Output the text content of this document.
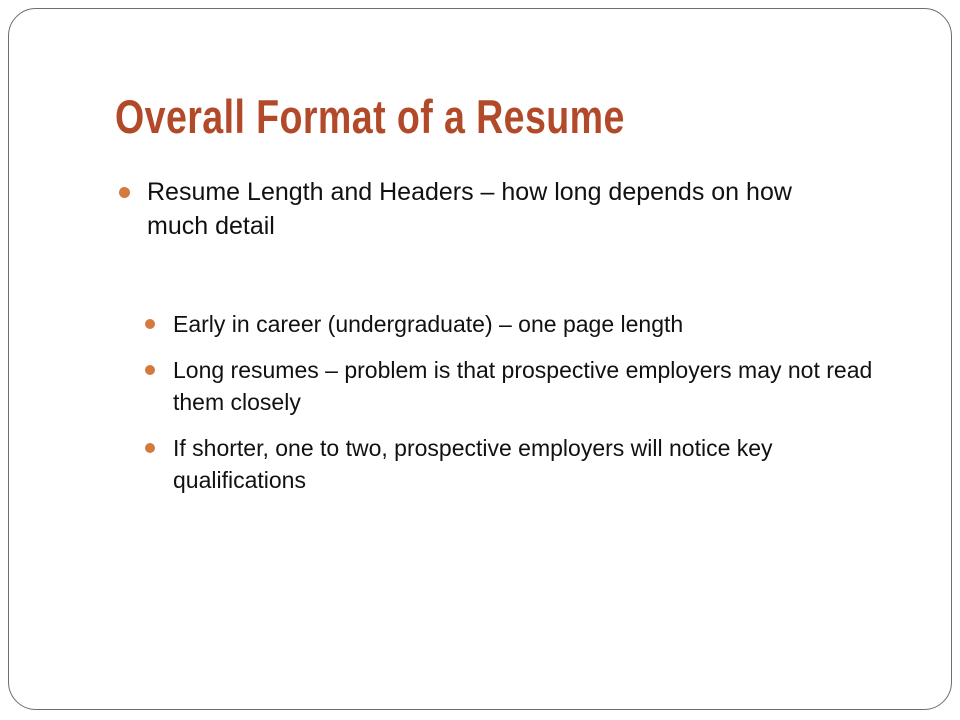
Overall Format of a Resume
Resume Length and Headers – how long depends on how much detail
Early in career (undergraduate) – one page length
Long resumes – problem is that prospective employers may not read them closely
If shorter, one to two, prospective employers will notice key qualifications
